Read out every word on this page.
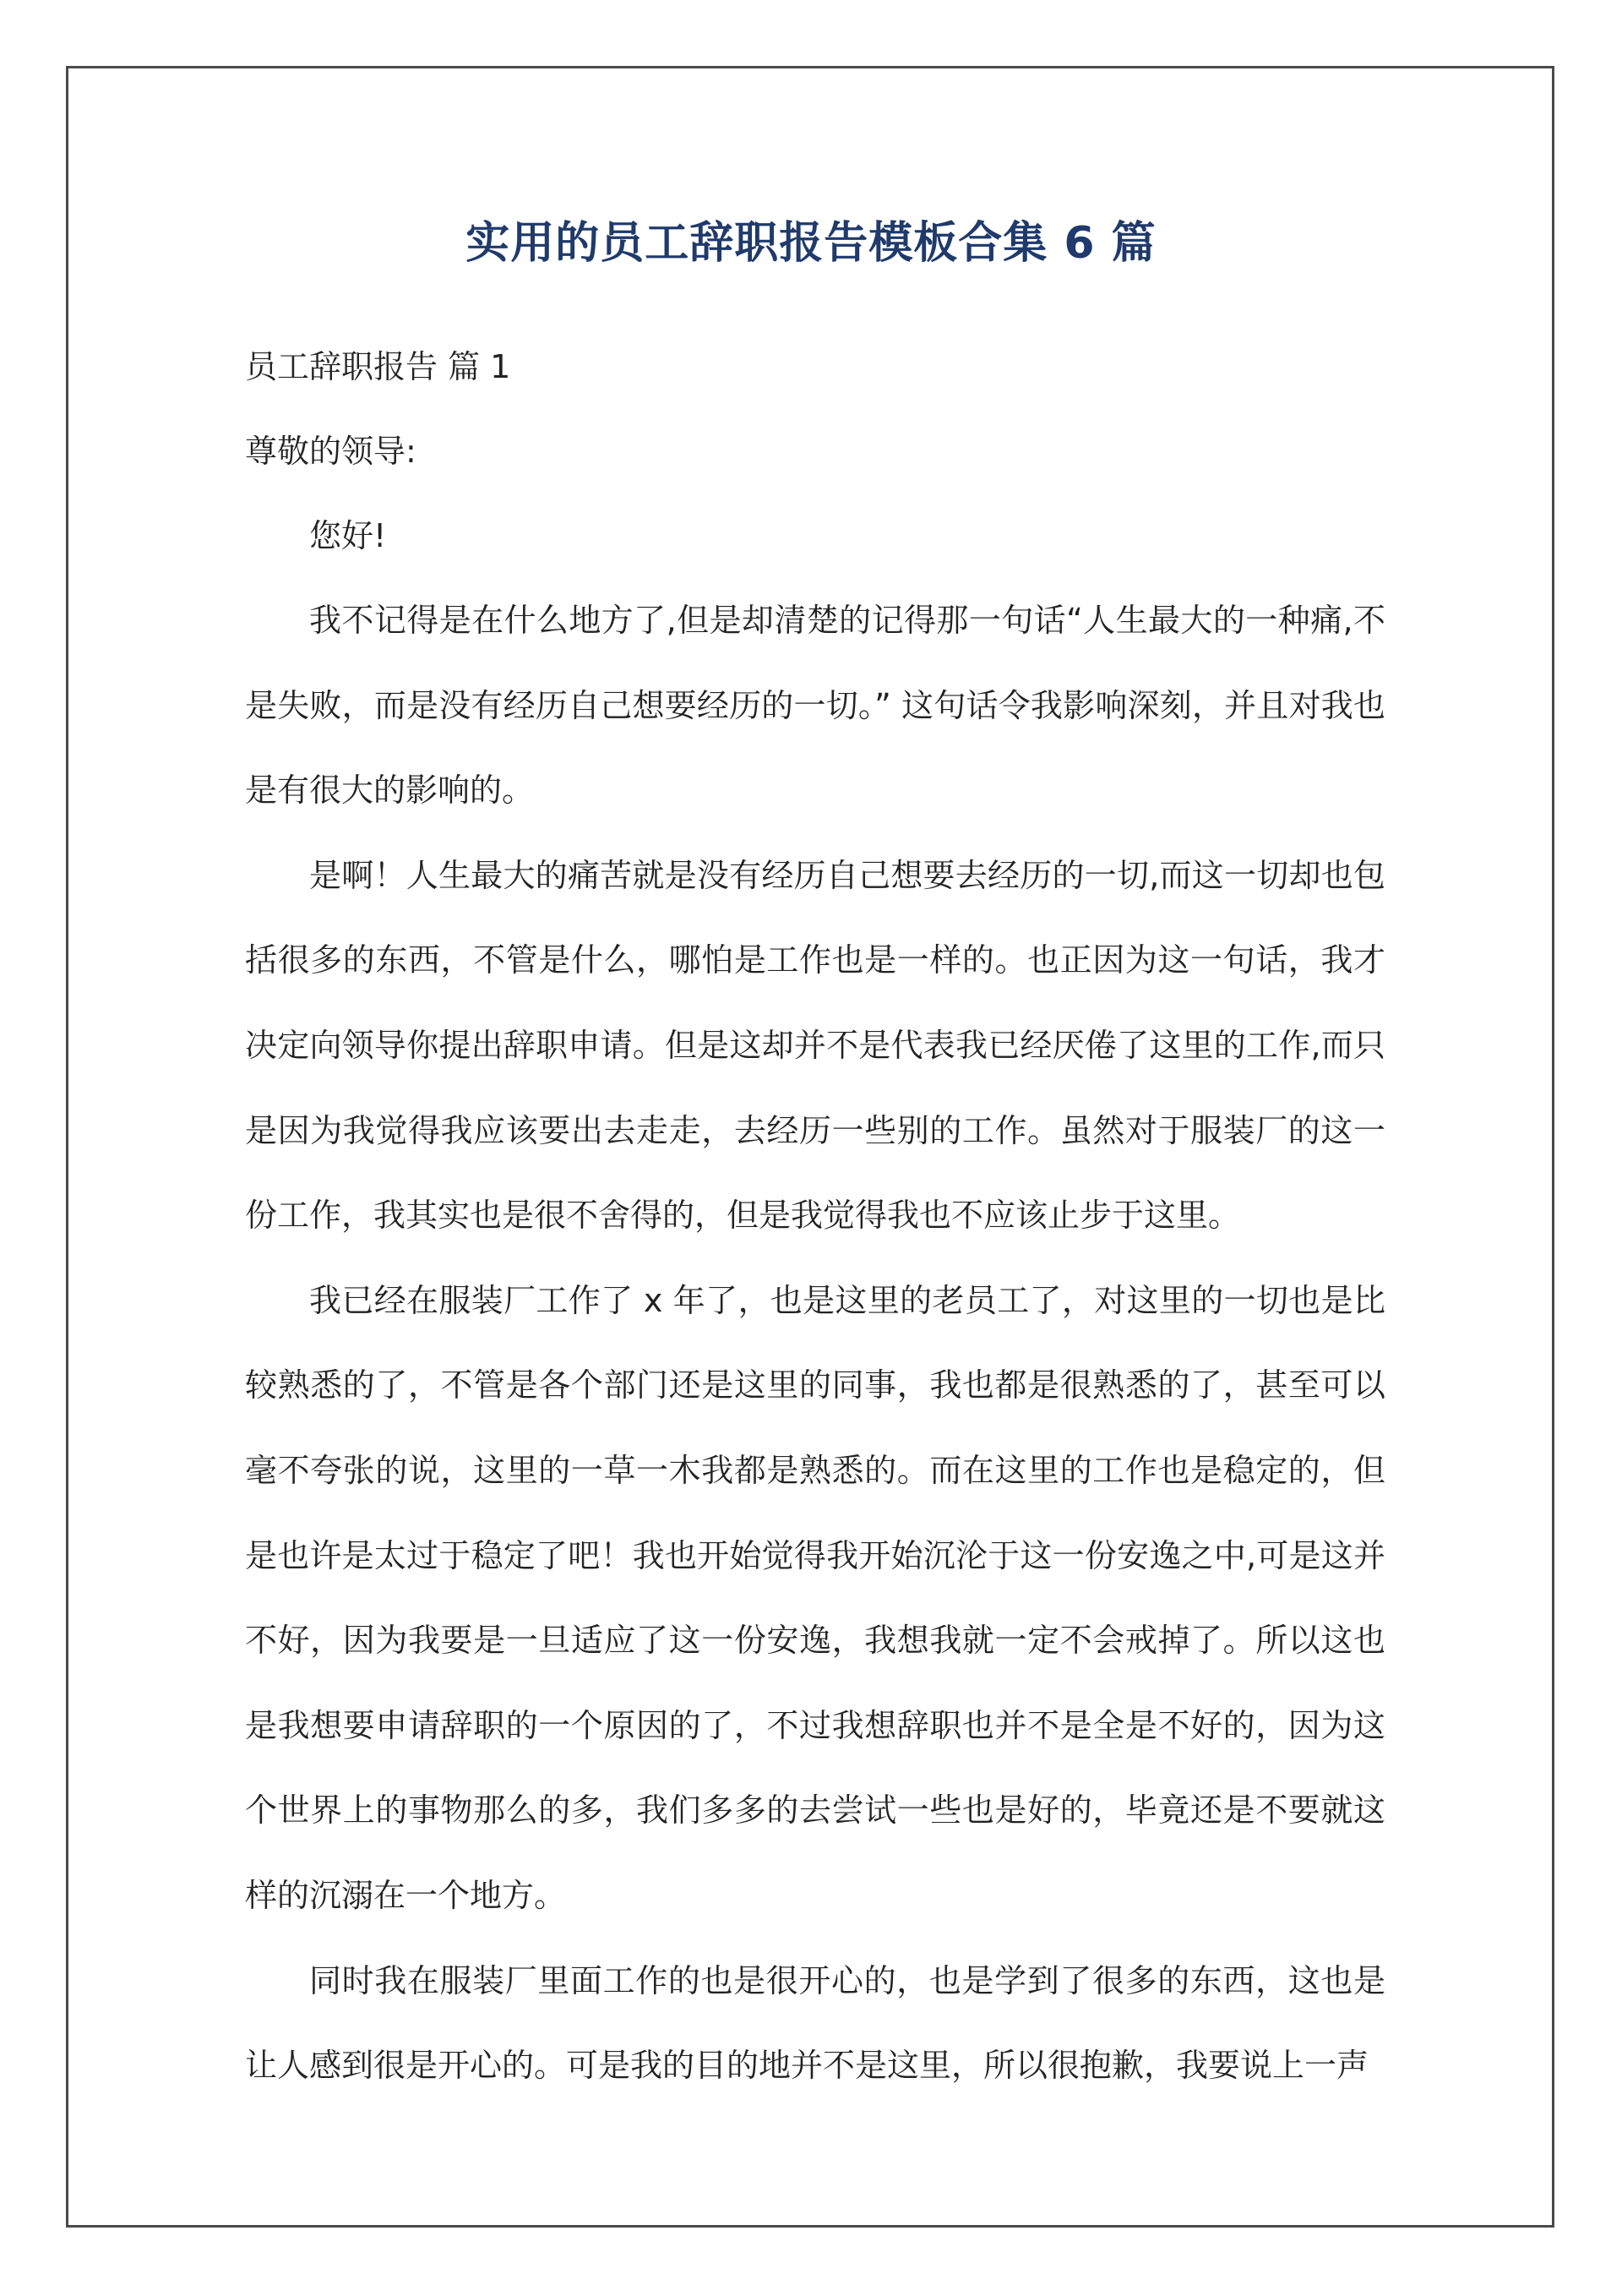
实用的员工辞职报告模板合集 6 篇

员工辞职报告 篇 1

尊敬的领导:

您好!

我不记得是在什么地方了,但是却清楚的记得那一句话“人生最大的一种痛,不是失败，而是没有经历自己想要经历的一切。” 这句话令我影响深刻，并且对我也是有很大的影响的。

是啊！人生最大的痛苦就是没有经历自己想要去经历的一切,而这一切却也包括很多的东西，不管是什么，哪怕是工作也是一样的。也正因为这一句话，我才决定向领导你提出辞职申请。但是这却并不是代表我已经厌倦了这里的工作,而只是因为我觉得我应该要出去走走，去经历一些别的工作。虽然对于服装厂的这一份工作，我其实也是很不舍得的，但是我觉得我也不应该止步于这里。

我已经在服装厂工作了 x 年了，也是这里的老员工了，对这里的一切也是比较熟悉的了，不管是各个部门还是这里的同事，我也都是很熟悉的了，甚至可以毫不夸张的说，这里的一草一木我都是熟悉的。而在这里的工作也是稳定的，但是也许是太过于稳定了吧！我也开始觉得我开始沉沦于这一份安逸之中,可是这并不好，因为我要是一旦适应了这一份安逸，我想我就一定不会戒掉了。所以这也是我想要申请辞职的一个原因的了，不过我想辞职也并不是全是不好的，因为这个世界上的事物那么的多，我们多多的去尝试一些也是好的，毕竟还是不要就这样的沉溺在一个地方。

同时我在服装厂里面工作的也是很开心的，也是学到了很多的东西，这也是让人感到很是开心的。可是我的目的地并不是这里，所以很抱歉，我要说上一声
